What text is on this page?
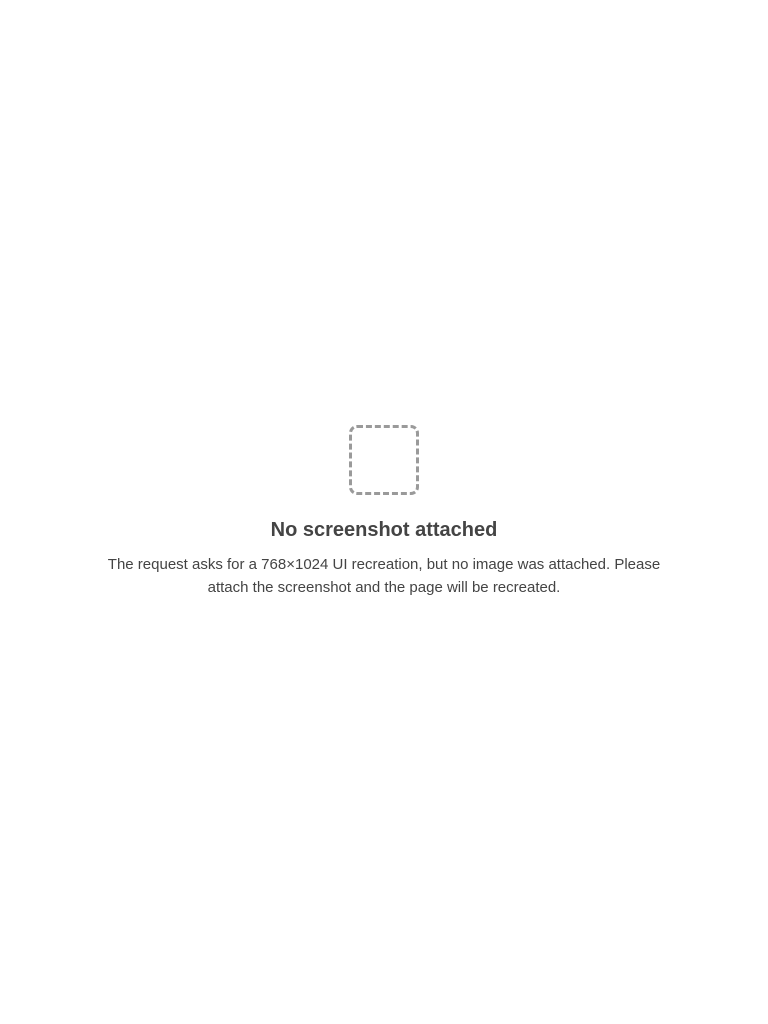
No screenshot attached

The request asks for a 768×1024 UI recreation, but no image was attached. Please attach the screenshot and the page will be recreated.
